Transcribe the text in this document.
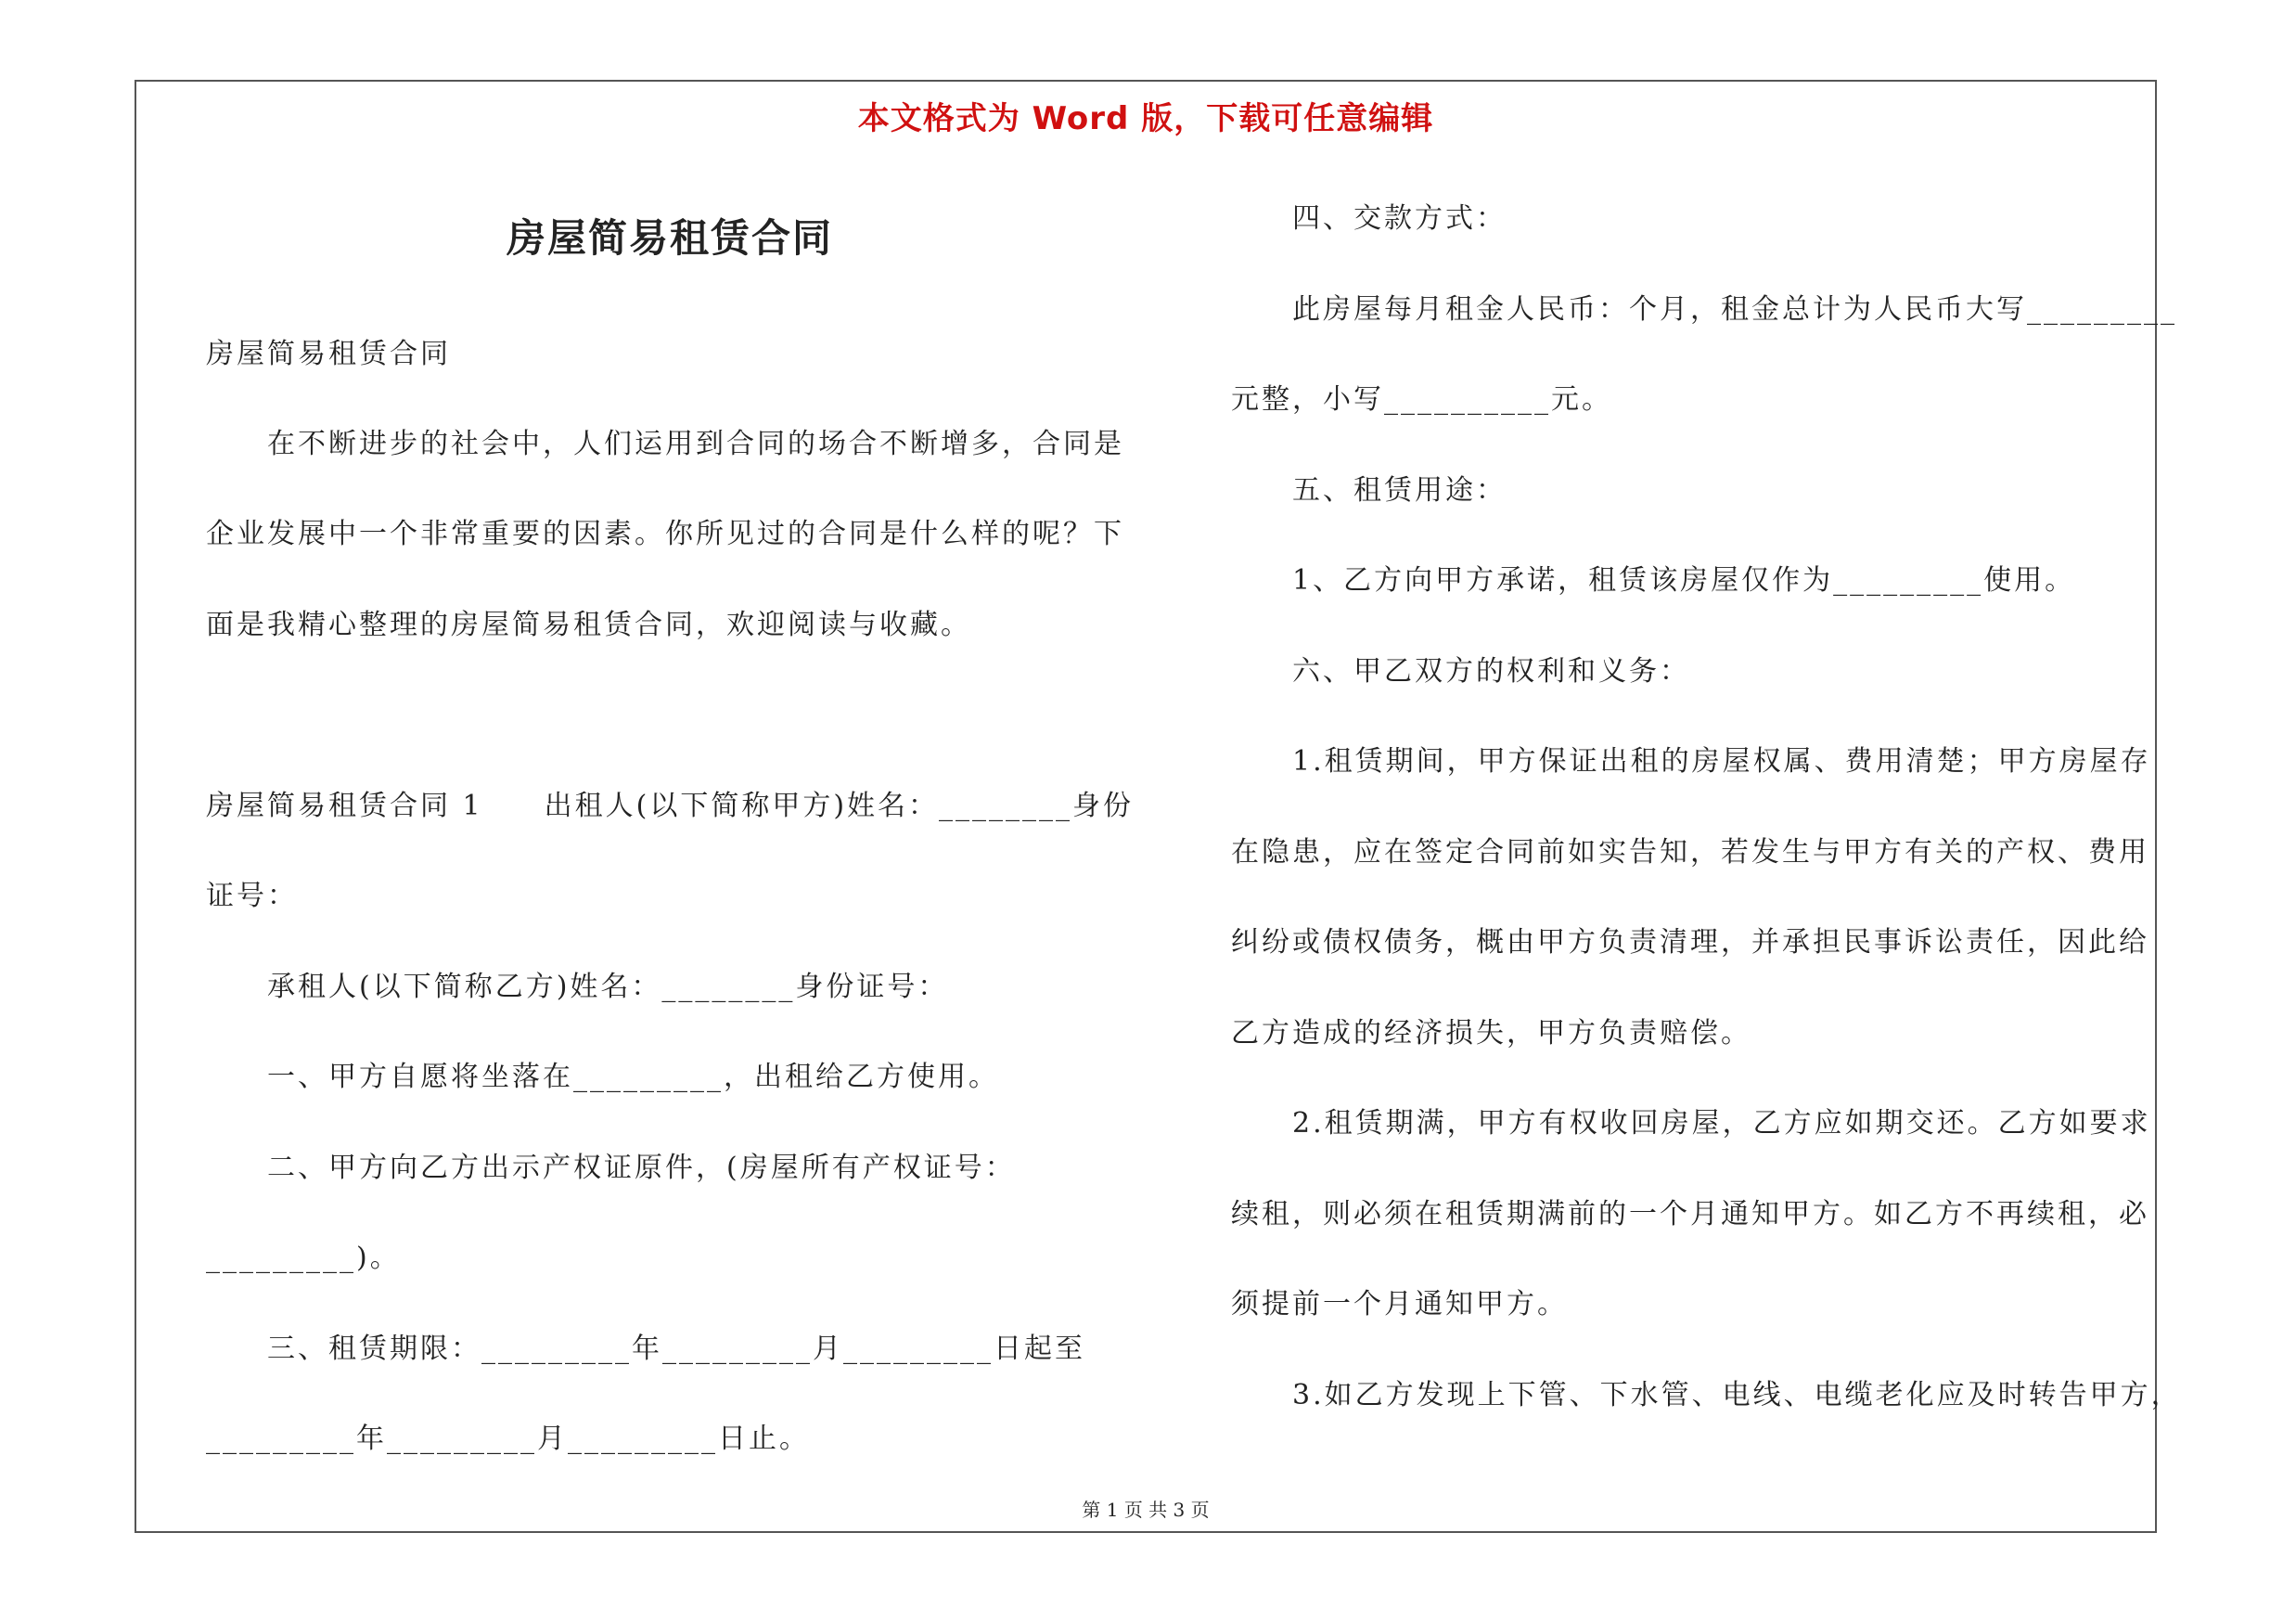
本文格式为 Word 版，下载可任意编辑
房屋简易租赁合同
房屋简易租赁合同
　　在不断进步的社会中，人们运用到合同的场合不断增多，合同是
企业发展中一个非常重要的因素。你所见过的合同是什么样的呢？下
面是我精心整理的房屋简易租赁合同，欢迎阅读与收藏。
房屋简易租赁合同 1　　出租人(以下简称甲方)姓名：________身份
证号：
　　承租人(以下简称乙方)姓名：________身份证号：
　　一、甲方自愿将坐落在_________，出租给乙方使用。
　　二、甲方向乙方出示产权证原件，(房屋所有产权证号：
_________)。
　　三、租赁期限：_________年_________月_________日起至
_________年_________月_________日止。
　　四、交款方式：
　　此房屋每月租金人民币：个月，租金总计为人民币大写_________
元整，小写__________元。
　　五、租赁用途：
　　1、乙方向甲方承诺，租赁该房屋仅作为_________使用。
　　六、甲乙双方的权利和义务：
　　1.租赁期间，甲方保证出租的房屋权属、费用清楚；甲方房屋存
在隐患，应在签定合同前如实告知，若发生与甲方有关的产权、费用
纠纷或债权债务，概由甲方负责清理，并承担民事诉讼责任，因此给
乙方造成的经济损失，甲方负责赔偿。
　　2.租赁期满，甲方有权收回房屋，乙方应如期交还。乙方如要求
续租，则必须在租赁期满前的一个月通知甲方。如乙方不再续租，必
须提前一个月通知甲方。
　　3.如乙方发现上下管、下水管、电线、电缆老化应及时转告甲方，
第 1 页 共 3 页
